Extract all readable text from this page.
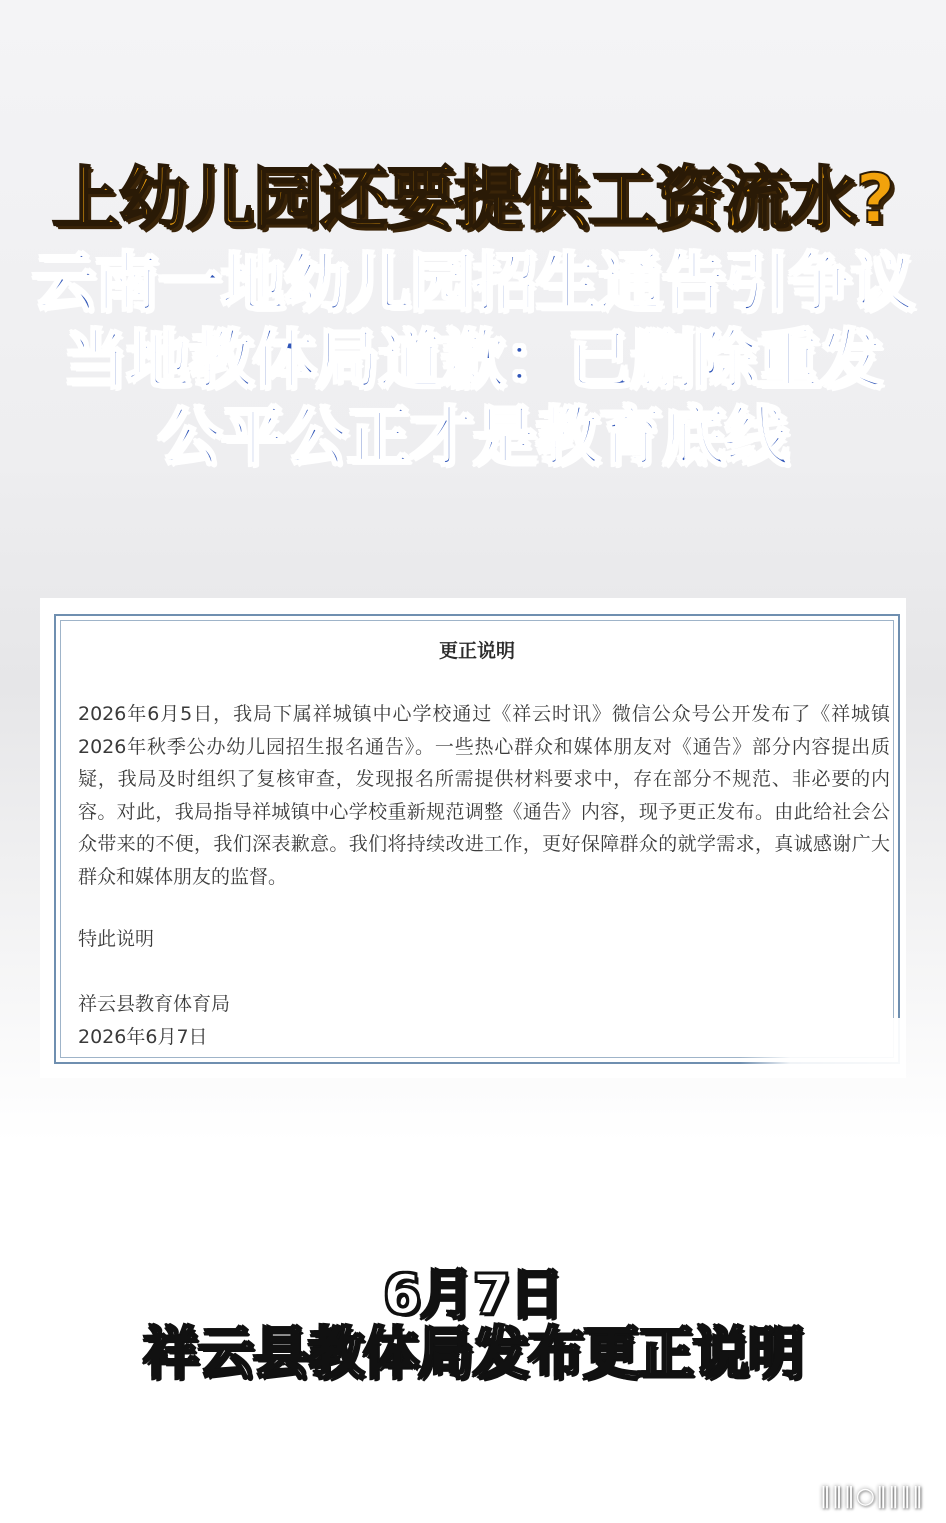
上幼儿园还要提供工资流水?
云南一地幼儿园招生通告引争议
当地教体局道歉：已删除重发
公平公正才是教育底线
更正说明
2026年6月5日，我局下属祥城镇中心学校通过《祥云时讯》微信公众号公开发布了《祥城镇2026年秋季公办幼儿园招生报名通告》。一些热心群众和媒体朋友对《通告》部分内容提出质疑，我局及时组织了复核审查，发现报名所需提供材料要求中，存在部分不规范、非必要的内容。对此，我局指导祥城镇中心学校重新规范调整《通告》内容，现予更正发布。由此给社会公众带来的不便，我们深表歉意。我们将持续改进工作，更好保障群众的就学需求，真诚感谢广大群众和媒体朋友的监督。
特此说明
祥云县教育体育局
2026年6月7日
6月7日
祥云县教体局发布更正说明
‖‖‖○‖‖‖‖
